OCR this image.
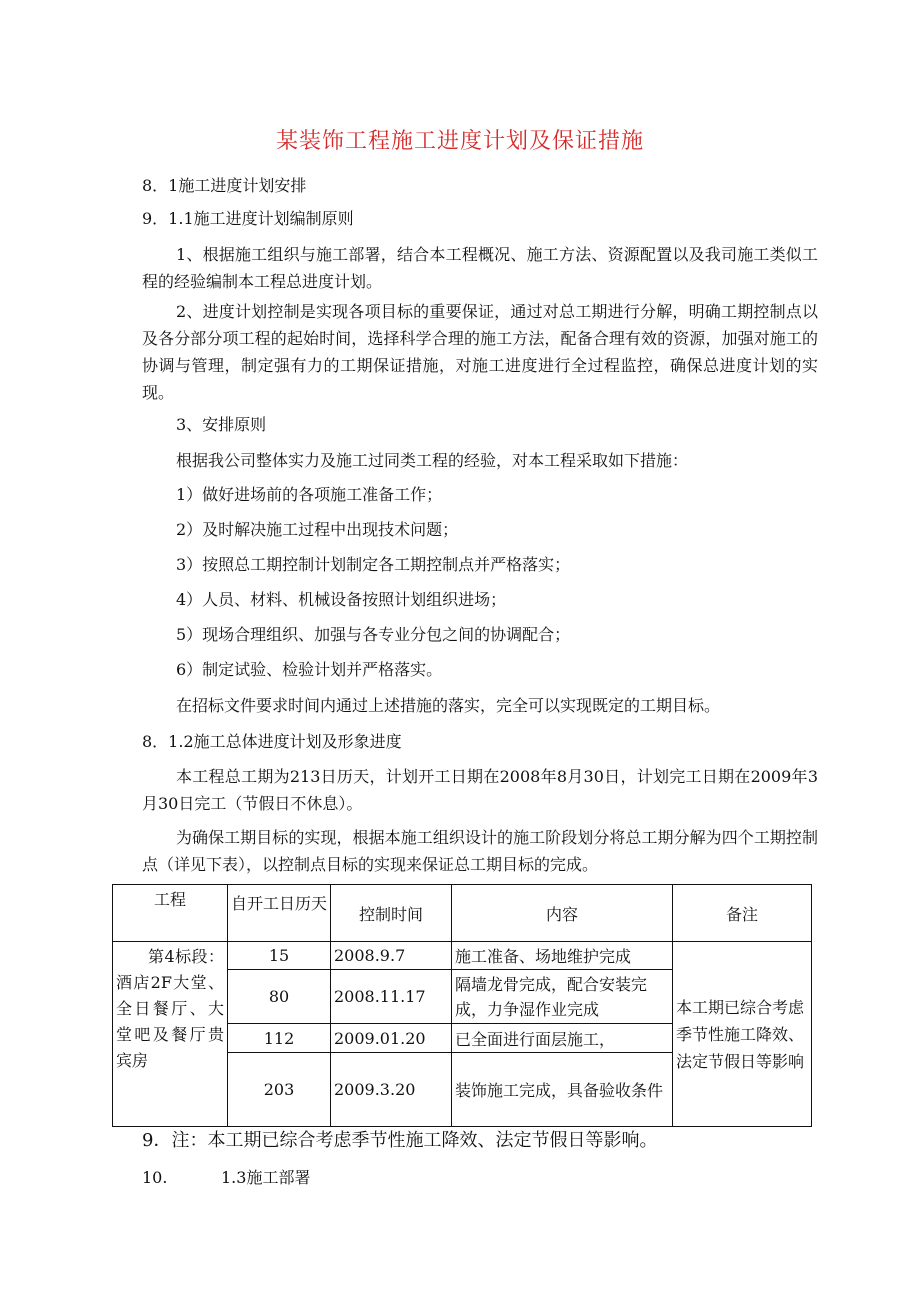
某装饰工程施工进度计划及保证措施
8．1施工进度计划安排
9．1.1施工进度计划编制原则
1、根据施工组织与施工部署，结合本工程概况、施工方法、资源配置以及我司施工类似工程的经验编制本工程总进度计划。
2、进度计划控制是实现各项目标的重要保证，通过对总工期进行分解，明确工期控制点以及各分部分项工程的起始时间，选择科学合理的施工方法，配备合理有效的资源，加强对施工的协调与管理，制定强有力的工期保证措施，对施工进度进行全过程监控，确保总进度计划的实现。
3、安排原则
根据我公司整体实力及施工过同类工程的经验，对本工程采取如下措施：
1）做好进场前的各项施工准备工作；
2）及时解决施工过程中出现技术问题；
3）按照总工期控制计划制定各工期控制点并严格落实；
4）人员、材料、机械设备按照计划组织进场；
5）现场合理组织、加强与各专业分包之间的协调配合；
6）制定试验、检验计划并严格落实。
在招标文件要求时间内通过上述措施的落实，完全可以实现既定的工期目标。
8．1.2施工总体进度计划及形象进度
本工程总工期为213日历天，计划开工日期在2008年8月30日，计划完工日期在2009年3月30日完工（节假日不休息）。
为确保工期目标的实现，根据本施工组织设计的施工阶段划分将总工期分解为四个工期控制点（详见下表），以控制点目标的实现来保证总工期目标的完成。
工程	自开工日历天	控制时间	内容	备注

第4标段：酒店2F大堂、全日餐厅、大堂吧及餐厅贵宾房	15	2008.9.7	施工准备、场地维护完成	本工期已综合考虑季节性施工降效、法定节假日等影响

	80	2008.11.17	隔墙龙骨完成，配合安装完成，力争湿作业完成	
	112	2009.01.20	已全面进行面层施工，	
	203	2009.3.20	装饰施工完成，具备验收条件	
9．注：本工期已综合考虑季节性施工降效、法定节假日等影响。
10.	1.3施工部署
